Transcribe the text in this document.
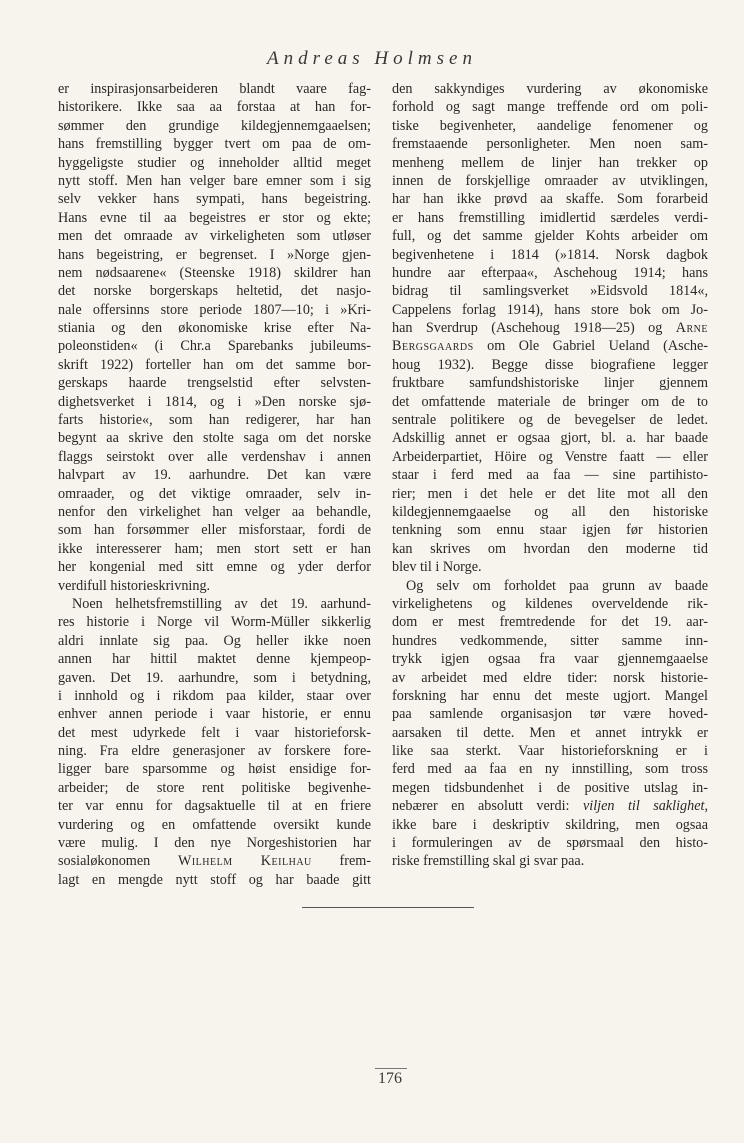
Andreas Holmsen
er inspirasjonsarbeideren blandt vaare fag-
historikere. Ikke saa aa forstaa at han for-
sømmer den grundige kildegjennemgaaelsen;
hans fremstilling bygger tvert om paa de om-
hyggeligste studier og inneholder alltid meget
nytt stoff. Men han velger bare emner som i sig
selv vekker hans sympati, hans begeistring.
Hans evne til aa begeistres er stor og ekte;
men det omraade av virkeligheten som utløser
hans begeistring, er begrenset. I »Norge gjen-
nem nødsaarene« (Steenske 1918) skildrer han
det norske borgerskaps heltetid, det nasjo-
nale offersinns store periode 1807—10; i »Kri-
stiania og den økonomiske krise efter Na-
poleonstiden« (i Chr.a Sparebanks jubileums-
skrift 1922) forteller han om det samme bor-
gerskaps haarde trengselstid efter selvsten-
dighetsverket i 1814, og i »Den norske sjø-
farts historie«, som han redigerer, har han
begynt aa skrive den stolte saga om det norske
flaggs seirstokt over alle verdenshav i annen
halvpart av 19. aarhundre. Det kan være
omraader, og det viktige omraader, selv in-
nenfor den virkelighet han velger aa behandle,
som han forsømmer eller misforstaar, fordi de
ikke interesserer ham; men stort sett er han
her kongenial med sitt emne og yder derfor
verdifull historieskrivning.
Noen helhetsfremstilling av det 19. aarhund-
res historie i Norge vil Worm-Müller sikkerlig
aldri innlate sig paa. Og heller ikke noen
annen har hittil maktet denne kjempeop-
gaven. Det 19. aarhundre, som i betydning,
i innhold og i rikdom paa kilder, staar over
enhver annen periode i vaar historie, er ennu
det mest udyrkede felt i vaar historieforsk-
ning. Fra eldre generasjoner av forskere fore-
ligger bare sparsomme og høist ensidige for-
arbeider; de store rent politiske begivenhe-
ter var ennu for dagsaktuelle til at en friere
vurdering og en omfattende oversikt kunde
være mulig. I den nye Norgeshistorien har
sosialøkonomen Wilhelm Keilhau frem-
lagt en mengde nytt stoff og har baade gitt
den sakkyndiges vurdering av økonomiske
forhold og sagt mange treffende ord om poli-
tiske begivenheter, aandelige fenomener og
fremstaaende personligheter. Men noen sam-
menheng mellem de linjer han trekker op
innen de forskjellige omraader av utviklingen,
har han ikke prøvd aa skaffe. Som forarbeid
er hans fremstilling imidlertid særdeles verdi-
full, og det samme gjelder Kohts arbeider om
begivenhetene i 1814 (»1814. Norsk dagbok
hundre aar efterpaa«, Aschehoug 1914; hans
bidrag til samlingsverket »Eidsvold 1814«,
Cappelens forlag 1914), hans store bok om Jo-
han Sverdrup (Aschehoug 1918—25) og Arne
Bergsgaards om Ole Gabriel Ueland (Asche-
houg 1932). Begge disse biografiene legger
fruktbare samfundshistoriske linjer gjennem
det omfattende materiale de bringer om de to
sentrale politikere og de bevegelser de ledet.
Adskillig annet er ogsaa gjort, bl. a. har baade
Arbeiderpartiet, Höire og Venstre faatt — eller
staar i ferd med aa faa — sine partihisto-
rier; men i det hele er det lite mot all den
kildegjennemgaaelse og all den historiske
tenkning som ennu staar igjen før historien
kan skrives om hvordan den moderne tid
blev til i Norge.
Og selv om forholdet paa grunn av baade
virkelighetens og kildenes overveldende rik-
dom er mest fremtredende for det 19. aar-
hundres vedkommende, sitter samme inn-
trykk igjen ogsaa fra vaar gjennemgaaelse
av arbeidet med eldre tider: norsk historie-
forskning har ennu det meste ugjort. Mangel
paa samlende organisasjon tør være hoved-
aarsaken til dette. Men et annet intrykk er
like saa sterkt. Vaar historieforskning er i
ferd med aa faa en ny innstilling, som tross
megen tidsbundenhet i de positive utslag in-
nebærer en absolutt verdi: viljen til saklighet,
ikke bare i deskriptiv skildring, men ogsaa
i formuleringen av de spørsmaal den histo-
riske fremstilling skal gi svar paa.
176
